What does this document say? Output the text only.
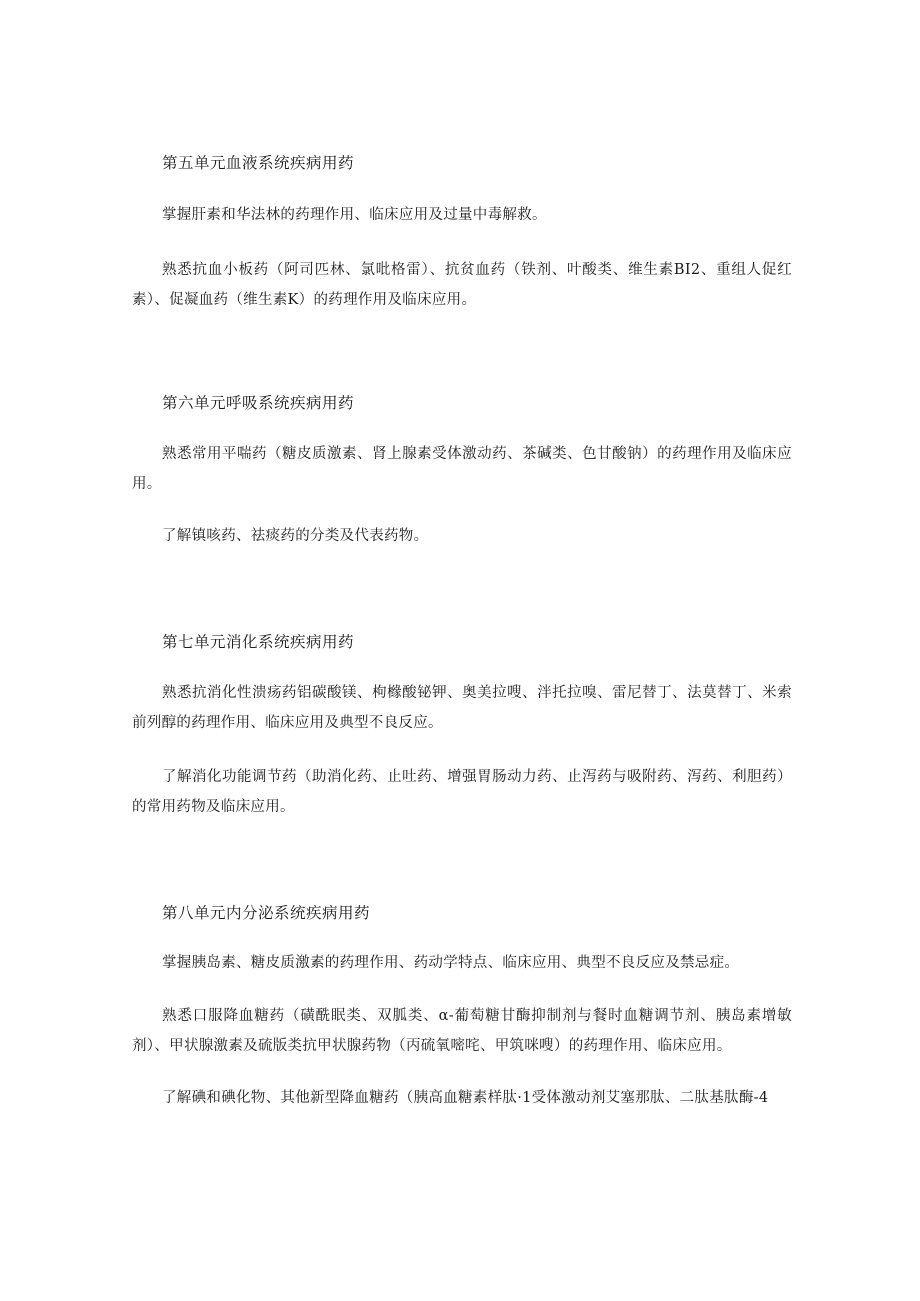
第五单元血液系统疾病用药

掌握肝素和华法林的药理作用、临床应用及过量中毒解救。

熟悉抗血小板药（阿司匹林、氯吡格雷）、抗贫血药（铁剂、叶酸类、维生素BI2、重组人促红素）、促凝血药（维生素K）的药理作用及临床应用。

第六单元呼吸系统疾病用药

熟悉常用平喘药（糖皮质激素、肾上腺素受体激动药、茶碱类、色甘酸钠）的药理作用及临床应用。

了解镇咳药、祛痰药的分类及代表药物。

第七单元消化系统疾病用药

熟悉抗消化性溃疡药铝碳酸镁、枸橼酸铋钾、奥美拉嗖、泮托拉嗅、雷尼替丁、法莫替丁、米索前列醇的药理作用、临床应用及典型不良反应。

了解消化功能调节药（助消化药、止吐药、增强胃肠动力药、止泻药与吸附药、泻药、利胆药）的常用药物及临床应用。

第八单元内分泌系统疾病用药

掌握胰岛素、糖皮质激素的药理作用、药动学特点、临床应用、典型不良反应及禁忌症。

熟悉口服降血糖药（磺酰眠类、双胍类、α-葡萄糖甘酶抑制剂与餐时血糖调节剂、胰岛素增敏剂）、甲状腺激素及硫版类抗甲状腺药物（丙硫氧嘧咤、甲筑咪嗖）的药理作用、临床应用。

了解碘和碘化物、其他新型降血糖药（胰高血糖素样肽·1受体激动剂艾塞那肽、二肽基肽酶-4
